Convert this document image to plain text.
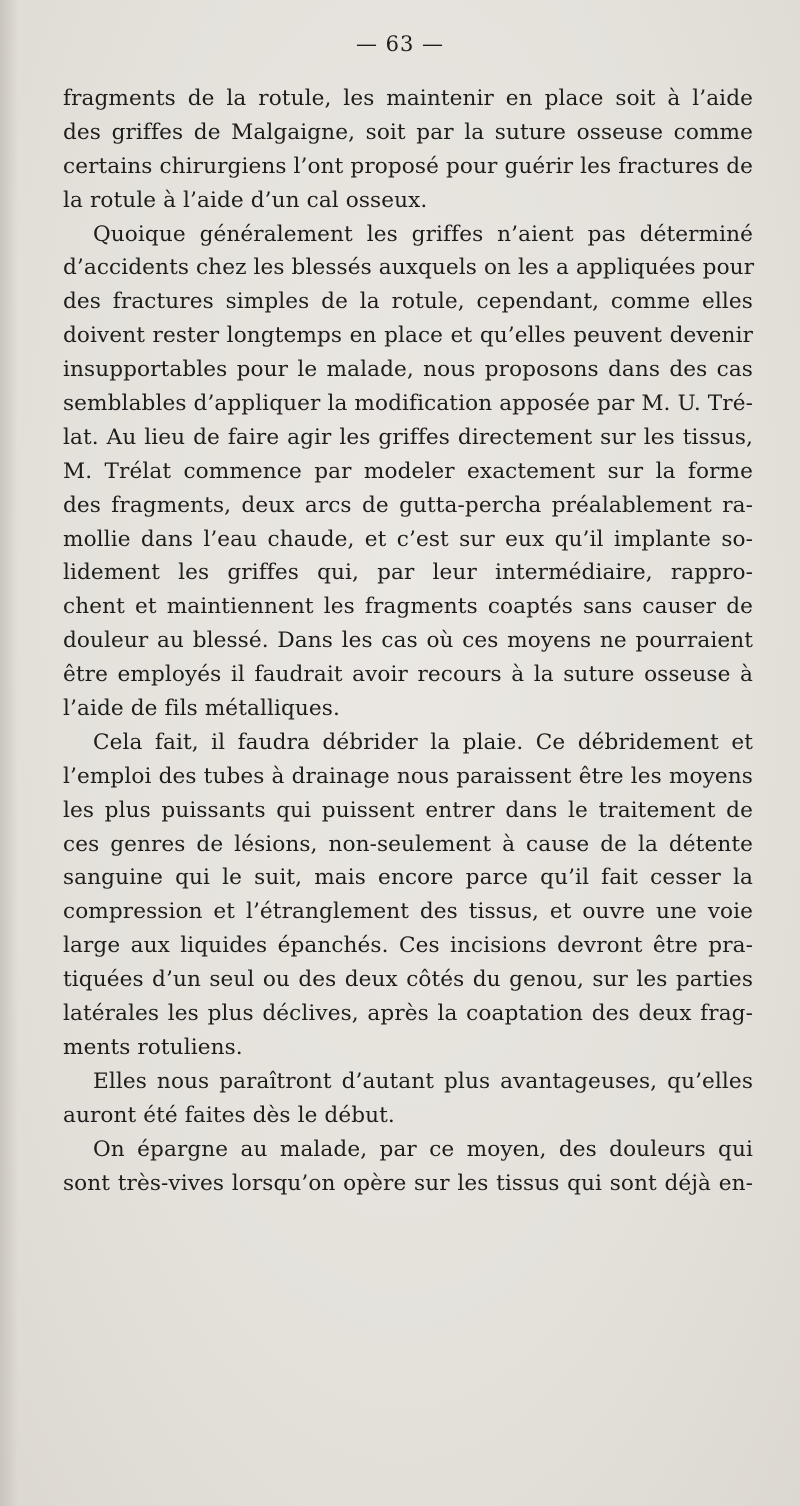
— 63 —
fragments de la rotule, les maintenir en place soit à l’aide
des griffes de Malgaigne, soit par la suture osseuse comme
certains chirurgiens l’ont proposé pour guérir les fractures de
la rotule à l’aide d’un cal osseux.
Quoique généralement les griffes n’aient pas déterminé
d’accidents chez les blessés auxquels on les a appliquées pour
des fractures simples de la rotule, cependant, comme elles
doivent rester longtemps en place et qu’elles peuvent devenir
insupportables pour le malade, nous proposons dans des cas
semblables d’appliquer la modification apposée par M. U. Tré-
lat. Au lieu de faire agir les griffes directement sur les tissus,
M. Trélat commence par modeler exactement sur la forme
des fragments, deux arcs de gutta-percha préalablement ra-
mollie dans l’eau chaude, et c’est sur eux qu’il implante so-
lidement les griffes qui, par leur intermédiaire, rappro-
chent et maintiennent les fragments coaptés sans causer de
douleur au blessé. Dans les cas où ces moyens ne pourraient
être employés il faudrait avoir recours à la suture osseuse à
l’aide de fils métalliques.
Cela fait, il faudra débrider la plaie. Ce débridement et
l’emploi des tubes à drainage nous paraissent être les moyens
les plus puissants qui puissent entrer dans le traitement de
ces genres de lésions, non-seulement à cause de la détente
sanguine qui le suit, mais encore parce qu’il fait cesser la
compression et l’étranglement des tissus, et ouvre une voie
large aux liquides épanchés. Ces incisions devront être pra-
tiquées d’un seul ou des deux côtés du genou, sur les parties
latérales les plus déclives, après la coaptation des deux frag-
ments rotuliens.
Elles nous paraîtront d’autant plus avantageuses, qu’elles
auront été faites dès le début.
On épargne au malade, par ce moyen, des douleurs qui
sont très-vives lorsqu’on opère sur les tissus qui sont déjà en-
